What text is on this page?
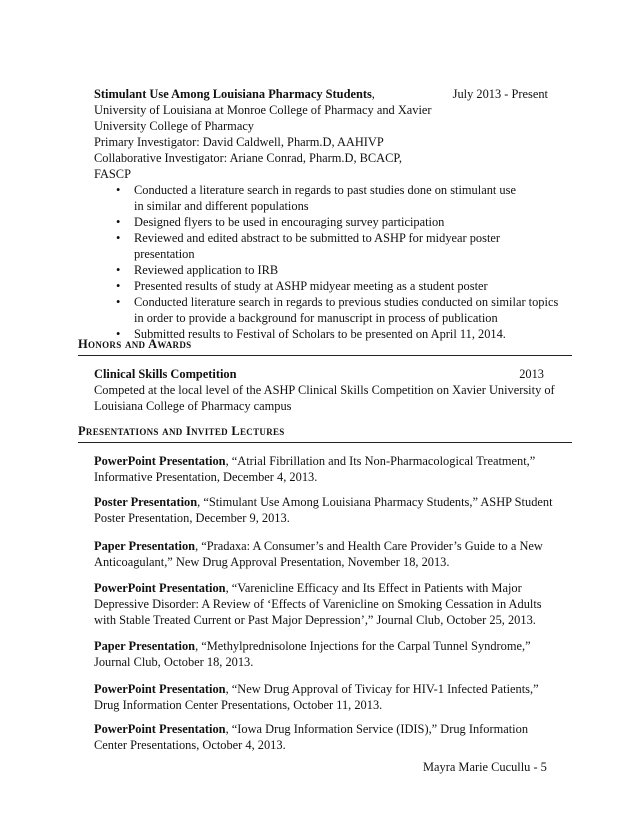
Stimulant Use Among Louisiana Pharmacy Students,	July 2013 - Present
University of Louisiana at Monroe College of Pharmacy and Xavier
University College of Pharmacy
Primary Investigator: David Caldwell, Pharm.D, AAHIVP
Collaborative Investigator: Ariane Conrad, Pharm.D, BCACP,
FASCP
• Conducted a literature search in regards to past studies done on stimulant use
in similar and different populations
• Designed flyers to be used in encouraging survey participation
• Reviewed and edited abstract to be submitted to ASHP for midyear poster
presentation
• Reviewed application to IRB
• Presented results of study at ASHP midyear meeting as a student poster
• Conducted literature search in regards to previous studies conducted on similar topics
in order to provide a background for manuscript in process of publication
• Submitted results to Festival of Scholars to be presented on April 11, 2014.
Honors and Awards
Clinical Skills Competition	2013
Competed at the local level of the ASHP Clinical Skills Competition on Xavier University of
Louisiana College of Pharmacy campus
Presentations and Invited Lectures
PowerPoint Presentation, “Atrial Fibrillation and Its Non-Pharmacological Treatment,”
Informative Presentation, December 4, 2013.
Poster Presentation, “Stimulant Use Among Louisiana Pharmacy Students,” ASHP Student
Poster Presentation, December 9, 2013.
Paper Presentation, “Pradaxa: A Consumer’s and Health Care Provider’s Guide to a New
Anticoagulant,” New Drug Approval Presentation, November 18, 2013.
PowerPoint Presentation, “Varenicline Efficacy and Its Effect in Patients with Major
Depressive Disorder: A Review of ‘Effects of Varenicline on Smoking Cessation in Adults
with Stable Treated Current or Past Major Depression’,” Journal Club, October 25, 2013.
Paper Presentation, “Methylprednisolone Injections for the Carpal Tunnel Syndrome,”
Journal Club, October 18, 2013.
PowerPoint Presentation, “New Drug Approval of Tivicay for HIV-1 Infected Patients,”
Drug Information Center Presentations, October 11, 2013.
PowerPoint Presentation, “Iowa Drug Information Service (IDIS),” Drug Information
Center Presentations, October 4, 2013.
Mayra Marie Cucullu - 5
